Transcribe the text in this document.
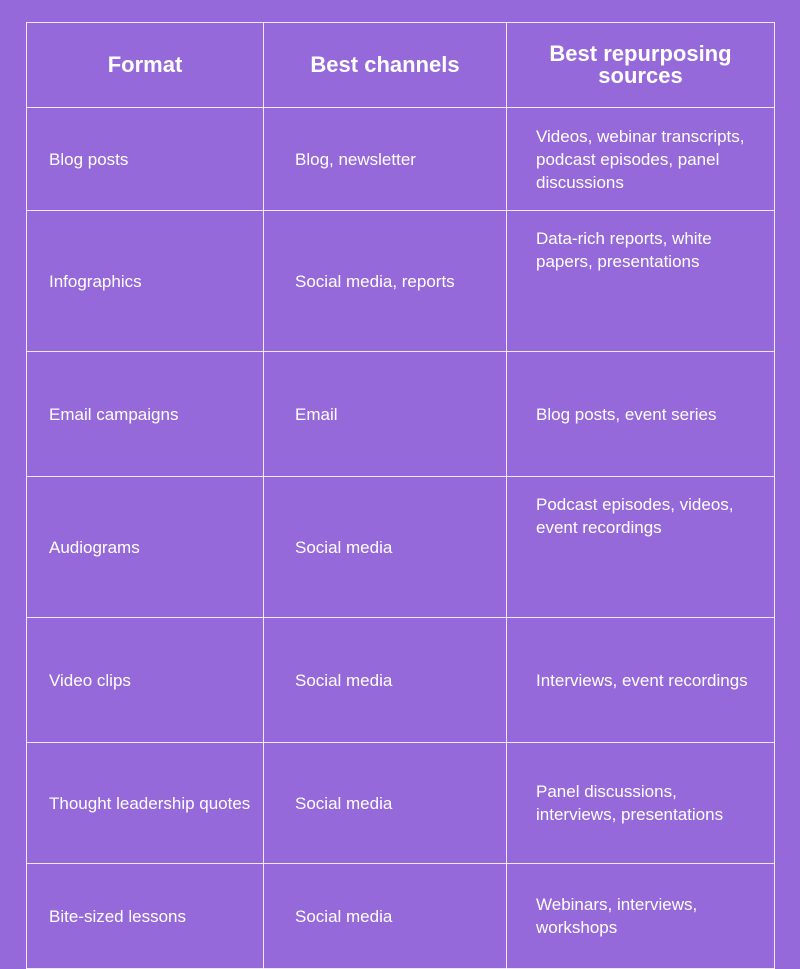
Format	Best channels	Best repurposing sources
Blog posts	Blog, newsletter	Videos, webinar transcripts, podcast episodes, panel discussions
Infographics	Social media, reports	Data-rich reports, white papers, presentations
Email campaigns	Email	Blog posts, event series
Audiograms	Social media	Podcast episodes, videos, event recordings
Video clips	Social media	Interviews, event recordings
Thought leadership quotes	Social media	Panel discussions, interviews, presentations
Bite-sized lessons	Social media	Webinars, interviews, workshops
